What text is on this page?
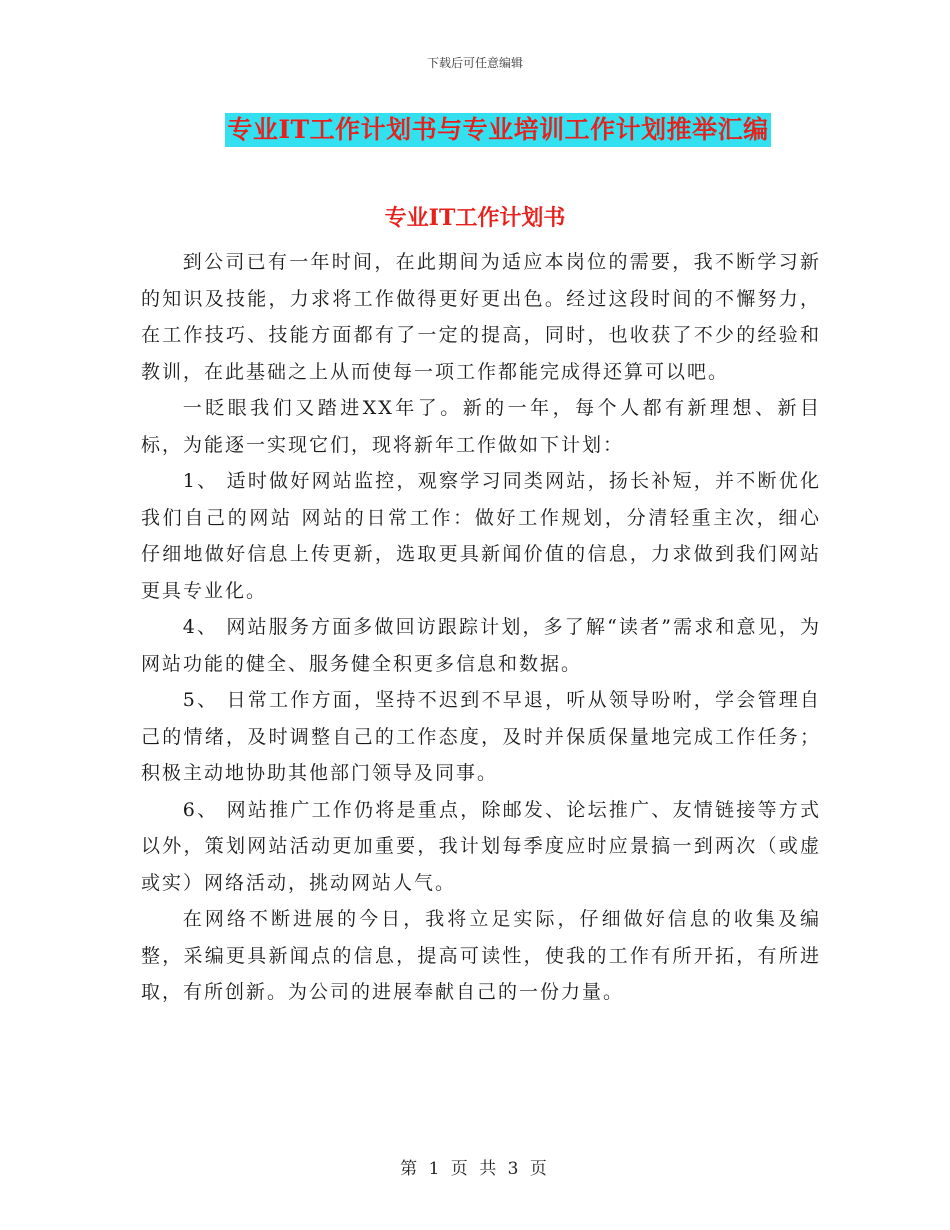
下载后可任意编辑
专业IT工作计划书与专业培训工作计划推举汇编
专业IT工作计划书

到公司已有一年时间，在此期间为适应本岗位的需要，我不断学习新的知识及技能，力求将工作做得更好更出色。经过这段时间的不懈努力，在工作技巧、技能方面都有了一定的提高，同时，也收获了不少的经验和教训，在此基础之上从而使每一项工作都能完成得还算可以吧。

一眨眼我们又踏进XX年了。新的一年，每个人都有新理想、新目标，为能逐一实现它们，现将新年工作做如下计划：

1、 适时做好网站监控，观察学习同类网站，扬长补短，并不断优化我们自己的网站 网站的日常工作：做好工作规划，分清轻重主次，细心仔细地做好信息上传更新，选取更具新闻价值的信息，力求做到我们网站更具专业化。

4、 网站服务方面多做回访跟踪计划，多了解“读者”需求和意见，为网站功能的健全、服务健全积更多信息和数据。

5、 日常工作方面，坚持不迟到不早退，听从领导吩咐，学会管理自己的情绪，及时调整自己的工作态度，及时并保质保量地完成工作任务；积极主动地协助其他部门领导及同事。

6、 网站推广工作仍将是重点，除邮发、论坛推广、友情链接等方式以外，策划网站活动更加重要，我计划每季度应时应景搞一到两次（或虚或实）网络活动，挑动网站人气。

在网络不断进展的今日，我将立足实际，仔细做好信息的收集及编整，采编更具新闻点的信息，提高可读性，使我的工作有所开拓，有所进取，有所创新。为公司的进展奉献自己的一份力量。

第 1 页 共 3 页
